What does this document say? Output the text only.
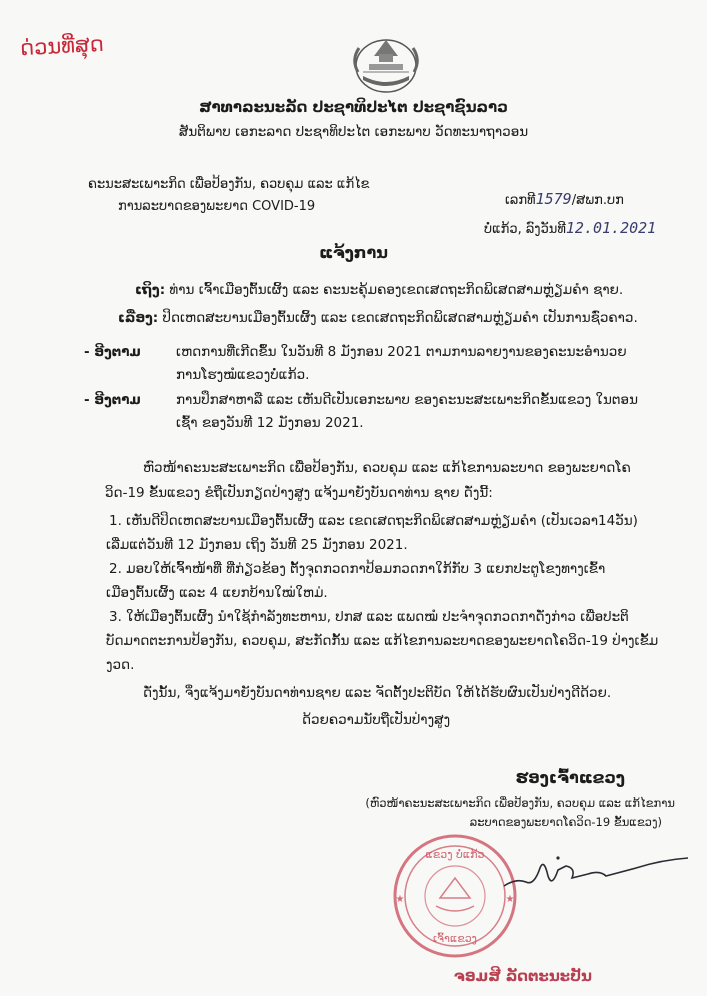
ດ່ວນທີ່ສຸດ
ສາທາລະນະລັດ ປະຊາທິປະໄຕ ປະຊາຊົນລາວ
ສັນຕິພາບ ເອກະລາດ ປະຊາທິປະໄຕ ເອກະພາບ ວັດທະນາຖາວອນ
ຄະນະສະເພາະກິດ ເພື່ອປ້ອງກັນ, ຄວບຄຸມ ແລະ ແກ້ໄຂ
ການລະບາດຂອງພະຍາດ COVID-19	ເລກທີ1579/ສພກ.ບກ
ບໍ່ແກ້ວ, ລົງວັນທີ12.01.2021
ແຈ້ງການ
ເຖິງ: ທ່ານ ເຈົ້າເມືອງຕົ້ນເຜິ້ງ ແລະ ຄະນະຄຸ້ມຄອງເຂດເສດຖະກິດພິເສດສາມຫຼ່ຽມຄໍາ ຊາຍ.
ເລື່ອງ: ປິດເຫດສະບານເມືອງຕົ້ນເຜິ້ງ ແລະ ເຂດເສດຖະກິດພິເສດສາມຫຼ່ຽມຄໍາ ເປັນການຊົ່ວຄາວ.
- ອີງຕາມ	ເຫດການທີ່ເກີດຂຶ້ນ ໃນວັນທີ 8 ມັງກອນ 2021 ຕາມການລາຍງານຂອງຄະນະອໍານວຍ
ການໂຮງໝໍແຂວງບໍ່ແກ້ວ.
- ອີງຕາມ	ການປຶກສາຫາລື ແລະ ເຫັນດີເປັນເອກະພາບ ຂອງຄະນະສະເພາະກິດຂັ້ນແຂວງ ໃນຕອນ
ເຊົ້າ ຂອງວັນທີ 12 ມັງກອນ 2021.
ຫົວໜ້າຄະນະສະເພາະກິດ ເພື່ອປ້ອງກັນ, ຄວບຄຸມ ແລະ ແກ້ໄຂການລະບາດ ຂອງພະຍາດໂຄ
ວິດ-19 ຂັ້ນແຂວງ ຂໍຖືເປັນກຽດປ່າງສູງ ແຈ້ງມາຍັງບັນດາທ່ານ ຊາຍ ດັ່ງນີ້:
1. ເຫັນດີປິດເຫດສະບານເມືອງຕົ້ນເຜິ້ງ ແລະ ເຂດເສດຖະກິດພິເສດສາມຫຼ່ຽມຄໍາ (ເປັນເວລາ14ວັນ)
ເລີ່ມແຕ່ວັນທີ 12 ມັງກອນ ເຖິງ ວັນທີ 25 ມັງກອນ 2021.
2. ມອບໃຫ້ເຈົ້າໜ້າທີ່ ທີ່ກ່ຽວຂ້ອງ ຕັ້ງຈຸດກວດກາປ້ອມກວດກາໃກ້ກັບ 3 ແຍກປະຕູໂຂງທາງເຂົ້າ
ເມືອງຕົ້ນເຜິ້ງ ແລະ 4 ແຍກບ້ານໃໝ່ໃຫມ່.
3. ໃຫ້ເມືອງຕົ້ນເຜິ້ງ ນໍາໃຊ້ກໍາລັງທະຫານ, ປກສ ແລະ ແພດໝໍ ປະຈໍາຈຸດກວດກາດັ່ງກ່າວ ເພື່ອປະຕິ
ບັດມາດຕະການປ້ອງກັນ, ຄວບຄຸມ, ສະກັດກັ້ນ ແລະ ແກ້ໄຂການລະບາດຂອງພະຍາດໂຄວິດ-19 ປ່າງເຂັ້ມ
ງວດ.
ດັ່ງນັ້ນ, ຈິ່ງແຈ້ງມາຍັງບັນດາທ່ານຊາຍ ແລະ ຈັດຕັ້ງປະຕິບັດ ໃຫ້ໄດ້ຮັບຜົນເປັນປ່າງດີດ້ວຍ.
ດ້ວຍຄວາມນັບຖືເປັນປ່າງສູງ
ຮອງເຈົ້າແຂວງ
(ຫົວໜ້າຄະນະສະເພາະກິດ ເພື່ອປ້ອງກັນ, ຄວບຄຸມ ແລະ ແກ້ໄຂການ
ລະບາດຂອງພະຍາດໂຄວິດ-19 ຂັ້ນແຂວງ)
ແຂວງ ບໍ່ແກ້ວ
ເຈົ້າແຂວງ
★	★
ຈອມສີ ລັດຕະນະປັນ
